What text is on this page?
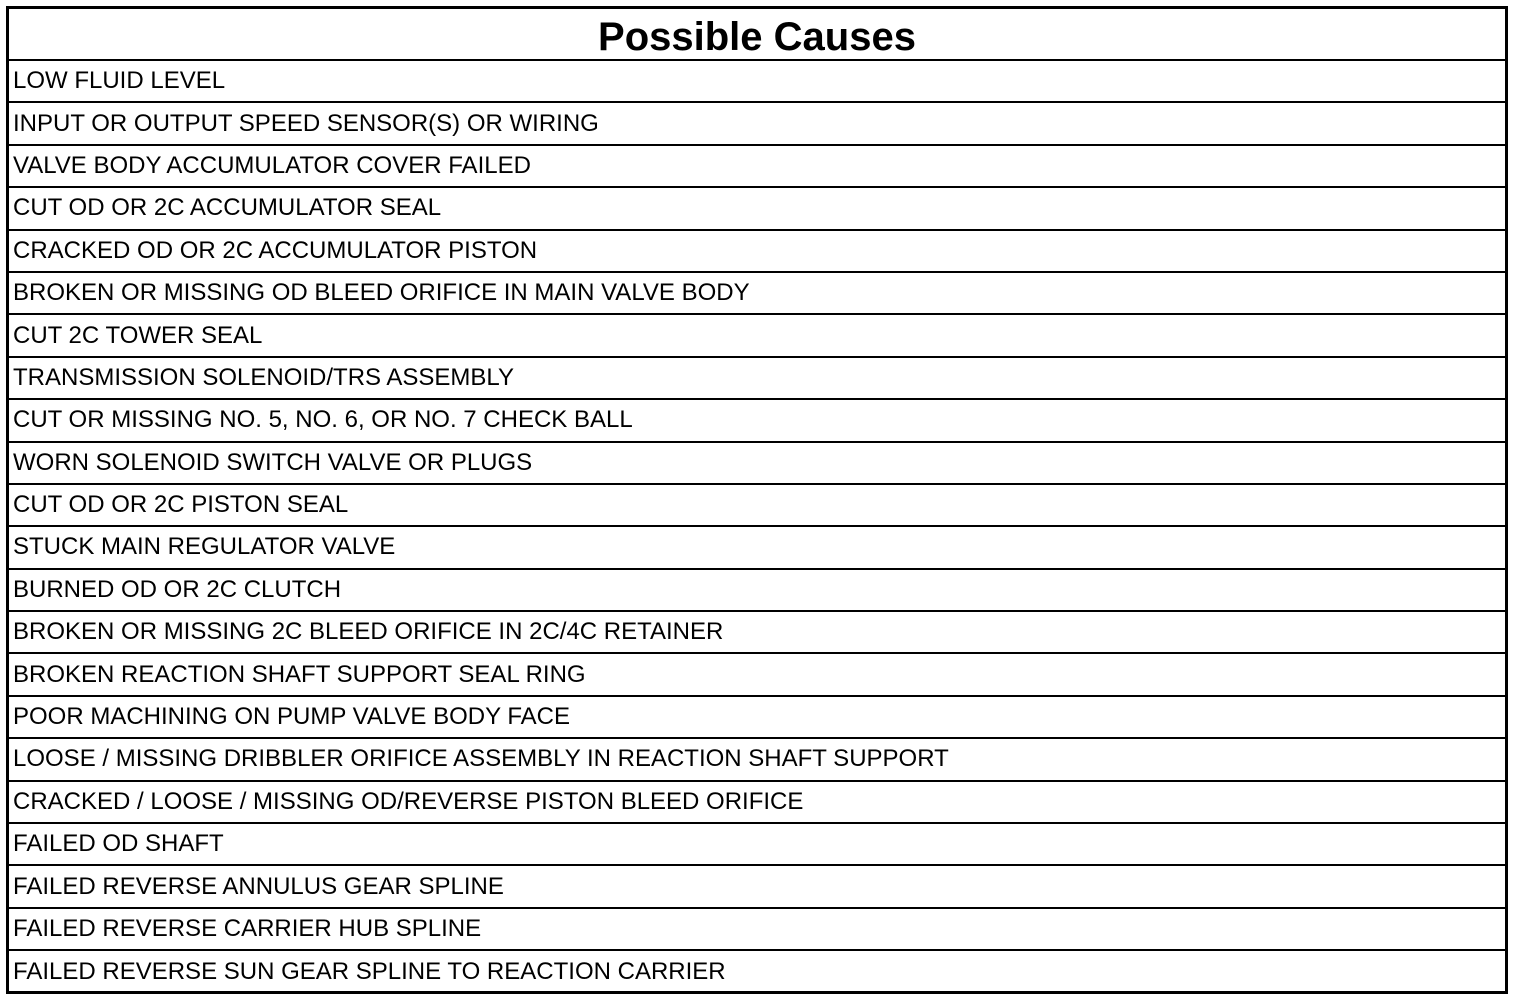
Possible Causes
LOW FLUID LEVEL
INPUT OR OUTPUT SPEED SENSOR(S) OR WIRING
VALVE BODY ACCUMULATOR COVER FAILED
CUT OD OR 2C ACCUMULATOR SEAL
CRACKED OD OR 2C ACCUMULATOR PISTON
BROKEN OR MISSING OD BLEED ORIFICE IN MAIN VALVE BODY
CUT 2C TOWER SEAL
TRANSMISSION SOLENOID/TRS ASSEMBLY
CUT OR MISSING NO. 5, NO. 6, OR NO. 7 CHECK BALL
WORN SOLENOID SWITCH VALVE OR PLUGS
CUT OD OR 2C PISTON SEAL
STUCK MAIN REGULATOR VALVE
BURNED OD OR 2C CLUTCH
BROKEN OR MISSING 2C BLEED ORIFICE IN 2C/4C RETAINER
BROKEN REACTION SHAFT SUPPORT SEAL RING
POOR MACHINING ON PUMP VALVE BODY FACE
LOOSE / MISSING DRIBBLER ORIFICE ASSEMBLY IN REACTION SHAFT SUPPORT
CRACKED / LOOSE / MISSING OD/REVERSE PISTON BLEED ORIFICE
FAILED OD SHAFT
FAILED REVERSE ANNULUS GEAR SPLINE
FAILED REVERSE CARRIER HUB SPLINE
FAILED REVERSE SUN GEAR SPLINE TO REACTION CARRIER
